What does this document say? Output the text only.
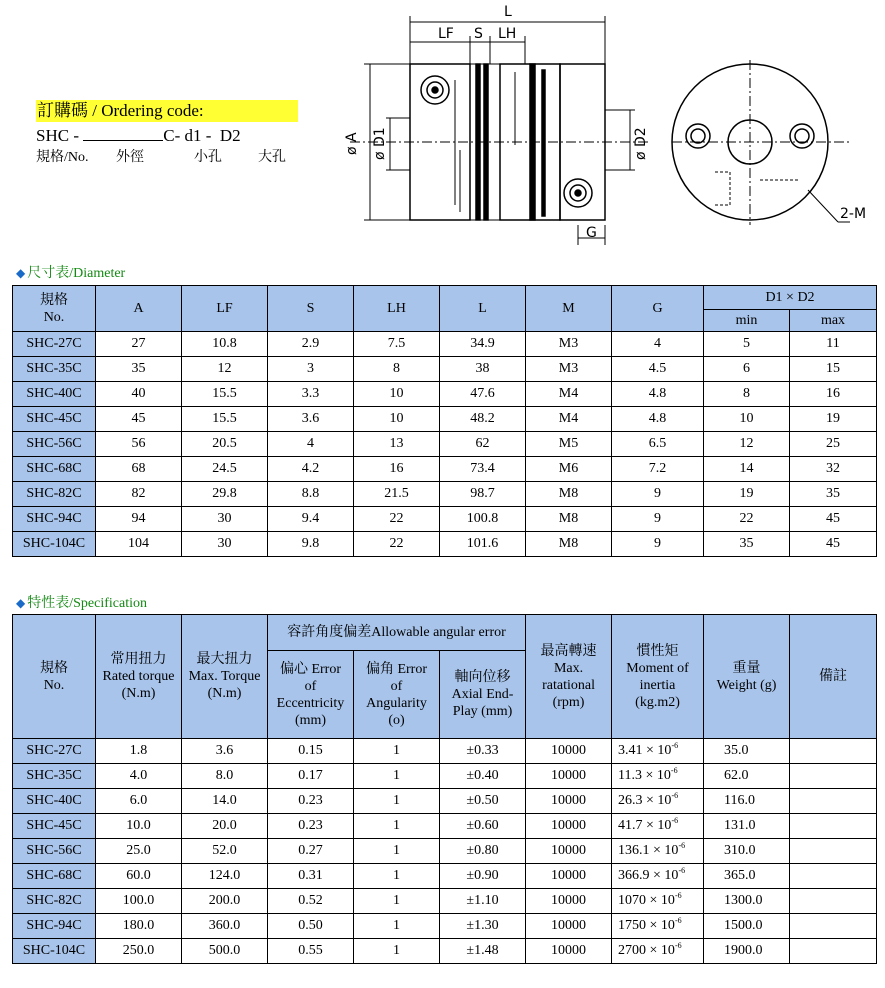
訂購碼 / Ordering code:
SHC -	C- d1 -  D2
規格/No. 外徑	小孔	大孔
L
LF S LH
ø A ø D1	ø D2
G
2-M
◆ 尺寸表/Diameter
規格
No.	A	LF	S	LH	L	M	G	D1 × D2	
								min	max
SHC-27C	27	10.8	2.9	7.5	34.9	M3	4	5	11
SHC-35C	35	12	3	8	38	M3	4.5	6	15
SHC-40C	40	15.5	3.3	10	47.6	M4	4.8	8	16
SHC-45C	45	15.5	3.6	10	48.2	M4	4.8	10	19
SHC-56C	56	20.5	4	13	62	M5	6.5	12	25
SHC-68C	68	24.5	4.2	16	73.4	M6	7.2	14	32
SHC-82C	82	29.8	8.8	21.5	98.7	M8	9	19	35
SHC-94C	94	30	9.4	22	100.8	M8	9	22	45
SHC-104C	104	30	9.8	22	101.6	M8	9	35	45
◆ 特性表/Specification
規格
No.	常用扭力
Rated torque
(N.m)	最大扭力
Max. Torque
(N.m)	容許角度偏差Allowable angular error			最高轉速
Max.
ratational
(rpm)	慣性矩
Moment of
inertia
(kg.m2)	重量
Weight (g)	備註
			偏心 Error
of
Eccentricity
(mm)	偏角 Error
of
Angularity
(o)	軸向位移
Axial End-
Play (mm)				
SHC-27C	1.8	3.6	0.15	1	±0.33	10000	$3.41 \times 10^{-6}$	35.0	
SHC-35C	4.0	8.0	0.17	1	±0.40	10000	$11.3 \times 10^{-6}$	62.0	
SHC-40C	6.0	14.0	0.23	1	±0.50	10000	$26.3 \times 10^{-6}$	116.0	
SHC-45C	10.0	20.0	0.23	1	±0.60	10000	$41.7 \times 10^{-6}$	131.0	
SHC-56C	25.0	52.0	0.27	1	±0.80	10000	$136.1 \times 10^{-6}$	310.0	
SHC-68C	60.0	124.0	0.31	1	±0.90	10000	$366.9 \times 10^{-6}$	365.0	
SHC-82C	100.0	200.0	0.52	1	±1.10	10000	$1070 \times 10^{-6}$	1300.0	
SHC-94C	180.0	360.0	0.50	1	±1.30	10000	$1750 \times 10^{-6}$	1500.0	
SHC-104C	250.0	500.0	0.55	1	±1.48	10000	$2700 \times 10^{-6}$	1900.0	
